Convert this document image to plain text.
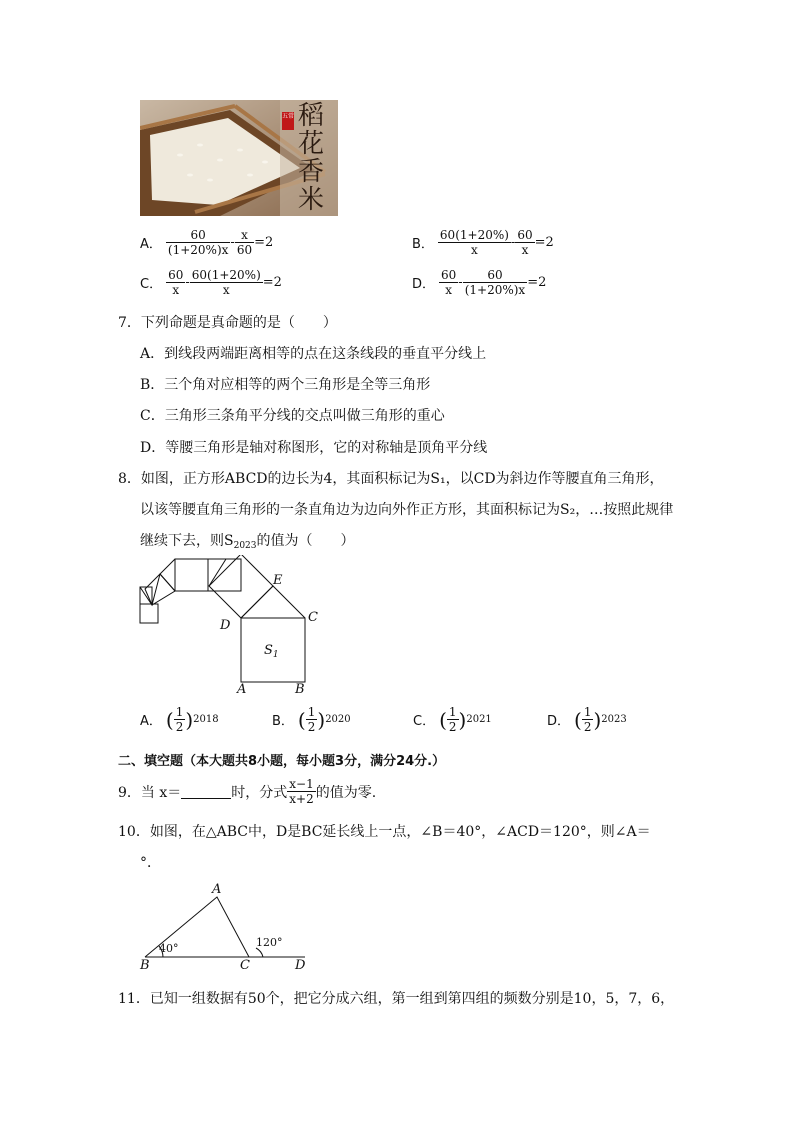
五常 稻花香米
A． $\frac{60}{(1+20\%)x} - \frac{x}{60} =2$	B． $\frac{60(1+20\%)}{x} - \frac{60}{x} =2$
C． $\frac{60}{x} - \frac{60(1+20\%)}{x} =2$	D． $\frac{60}{x} - \frac{60}{(1+20\%)x} =2$
7．下列命题是真命题的是（　　）
A．到线段两端距离相等的点在这条线段的垂直平分线上
B．三个角对应相等的两个三角形是全等三角形
C．三角形三条角平分线的交点叫做三角形的重心
D．等腰三角形是轴对称图形，它的对称轴是顶角平分线
8．如图，正方形ABCD的边长为4，其面积标记为S₁，以CD为斜边作等腰直角三角形，
以该等腰直角三角形的一条直角边为边向外作正方形，其面积标记为S₂，…按照此规律
继续下去，则$S_{2023}$的值为（　　）
E
C
D
A	B
$S_1$
A． ( $\frac{1}{2}$ ) 2018	B． ( $\frac{1}{2}$ ) 2020	C． ( $\frac{1}{2}$ ) 2021	D． ( $\frac{1}{2}$ ) 2023
二、填空题（本大题共8小题，每小题3分，满分24分.）
9．当 x＝	时，分式 $\frac{x-1}{x+2}$ 的值为零.
10．如图，在△ABC中，D是BC延长线上一点，∠B＝40°，∠ACD＝120°，则∠A＝
°．
A
B	C	D
40°	120°
11．已知一组数据有50个，把它分成六组，第一组到第四组的频数分别是10，5，7，6，
